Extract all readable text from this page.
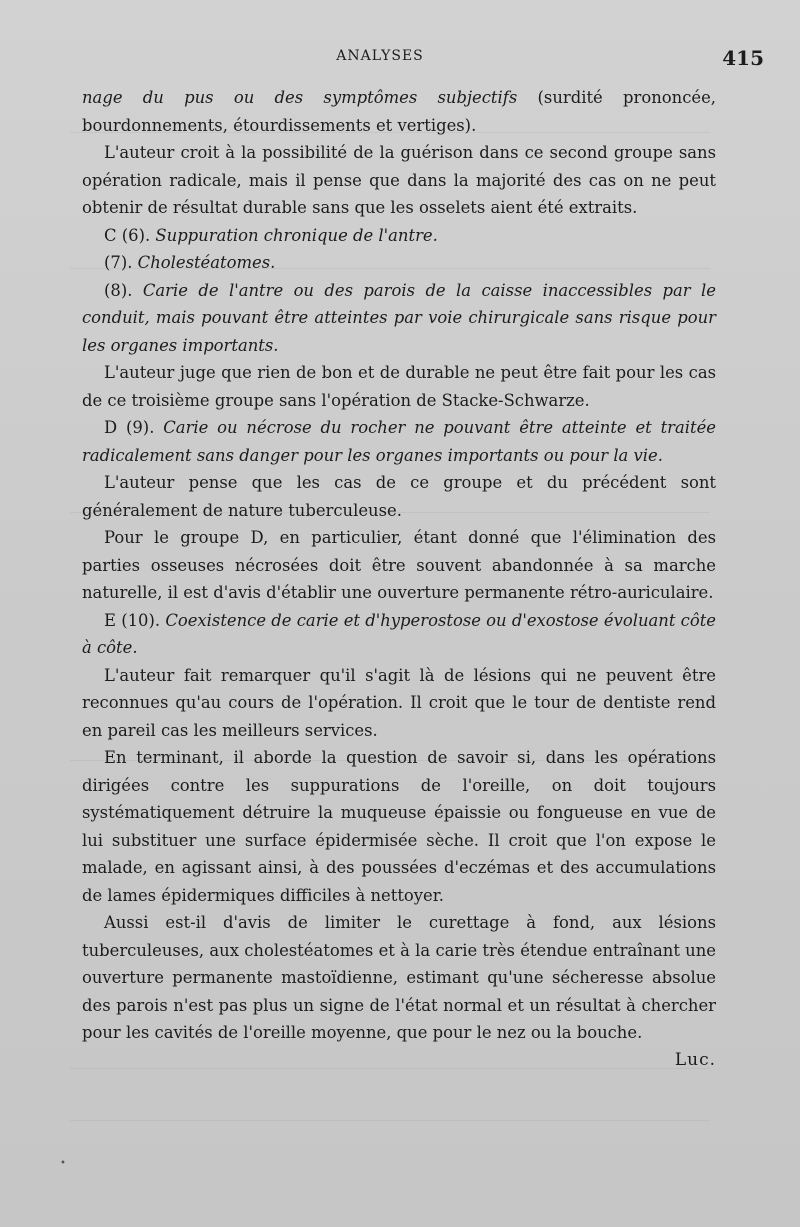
ANALYSES	415

nage du pus ou des symptômes subjectifs (surdité prononcée, bourdonnements, étourdissements et vertiges).

L'auteur croit à la possibilité de la guérison dans ce second groupe sans opération radicale, mais il pense que dans la majorité des cas on ne peut obtenir de résultat durable sans que les osselets aient été extraits.

C (6). Suppuration chronique de l'antre.

(7). Cholestéatomes.

(8). Carie de l'antre ou des parois de la caisse inaccessibles par le conduit, mais pouvant être atteintes par voie chirurgicale sans risque pour les organes importants.

L'auteur juge que rien de bon et de durable ne peut être fait pour les cas de ce troisième groupe sans l'opération de Stacke-Schwarze.

D (9). Carie ou nécrose du rocher ne pouvant être atteinte et traitée radicalement sans danger pour les organes importants ou pour la vie.

L'auteur pense que les cas de ce groupe et du précédent sont généralement de nature tuberculeuse.

Pour le groupe D, en particulier, étant donné que l'élimination des parties osseuses nécrosées doit être souvent abandonnée à sa marche naturelle, il est d'avis d'établir une ouverture permanente rétro-auriculaire.

E (10). Coexistence de carie et d'hyperostose ou d'exostose évoluant côte à côte.

L'auteur fait remarquer qu'il s'agit là de lésions qui ne peuvent être reconnues qu'au cours de l'opération. Il croit que le tour de dentiste rend en pareil cas les meilleurs services.

En terminant, il aborde la question de savoir si, dans les opérations dirigées contre les suppurations de l'oreille, on doit toujours systématiquement détruire la muqueuse épaissie ou fongueuse en vue de lui substituer une surface épidermisée sèche. Il croit que l'on expose le malade, en agissant ainsi, à des poussées d'eczémas et des accumulations de lames épidermiques difficiles à nettoyer.

Aussi est-il d'avis de limiter le curettage à fond, aux lésions tuberculeuses, aux cholestéatomes et à la carie très étendue entraînant une ouverture permanente mastoïdienne, estimant qu'une sécheresse absolue des parois n'est pas plus un signe de l'état normal et un résultat à chercher pour les cavités de l'oreille moyenne, que pour le nez ou la bouche.

Luc.

•
